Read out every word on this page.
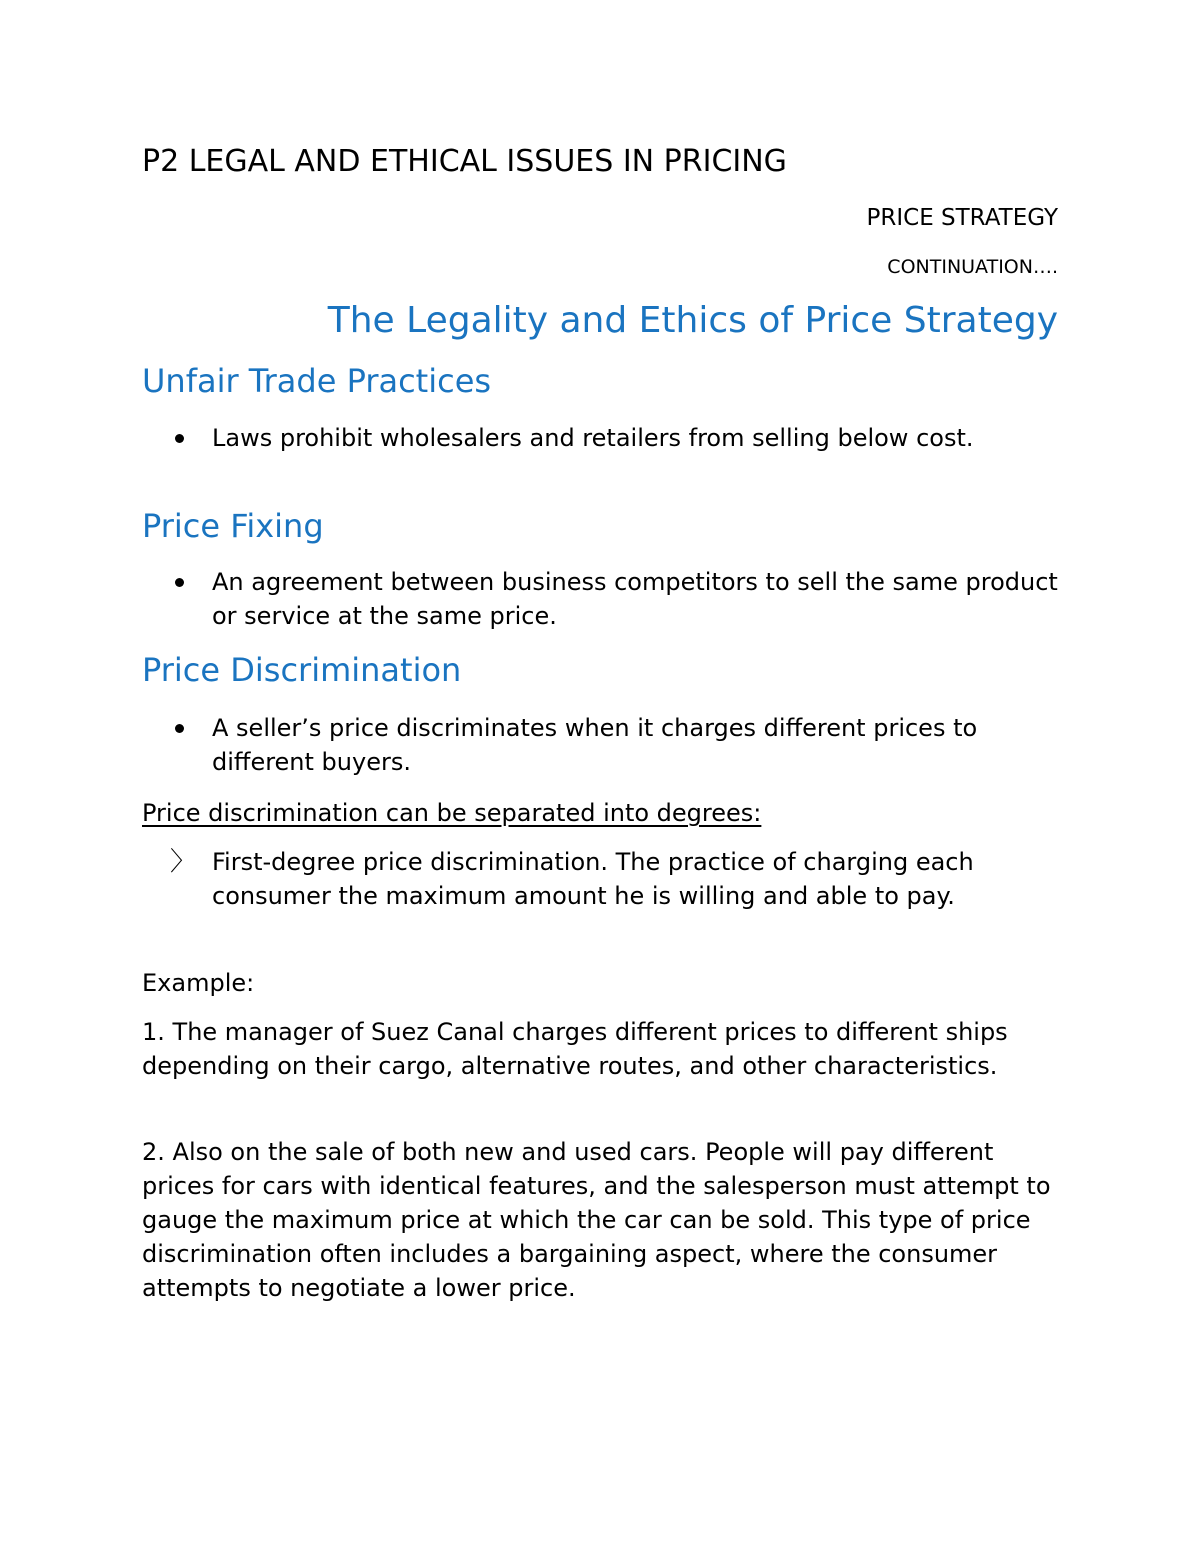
P2 LEGAL AND ETHICAL ISSUES IN PRICING
PRICE STRATEGY
CONTINUATION….
The Legality and Ethics of Price Strategy
Unfair Trade Practices
Laws prohibit wholesalers and retailers from selling below cost.
Price Fixing
An agreement between business competitors to sell the same product or service at the same price.
Price Discrimination
A seller’s price discriminates when it charges different prices to different buyers.

Price discrimination can be separated into degrees:

〉 First-degree price discrimination. The practice of charging each consumer the maximum amount he is willing and able to pay.

Example:

1. The manager of Suez Canal charges different prices to different ships depending on their cargo, alternative routes, and other characteristics.

2. Also on the sale of both new and used cars. People will pay different prices for cars with identical features, and the salesperson must attempt to gauge the maximum price at which the car can be sold. This type of price discrimination often includes a bargaining aspect, where the consumer attempts to negotiate a lower price.
